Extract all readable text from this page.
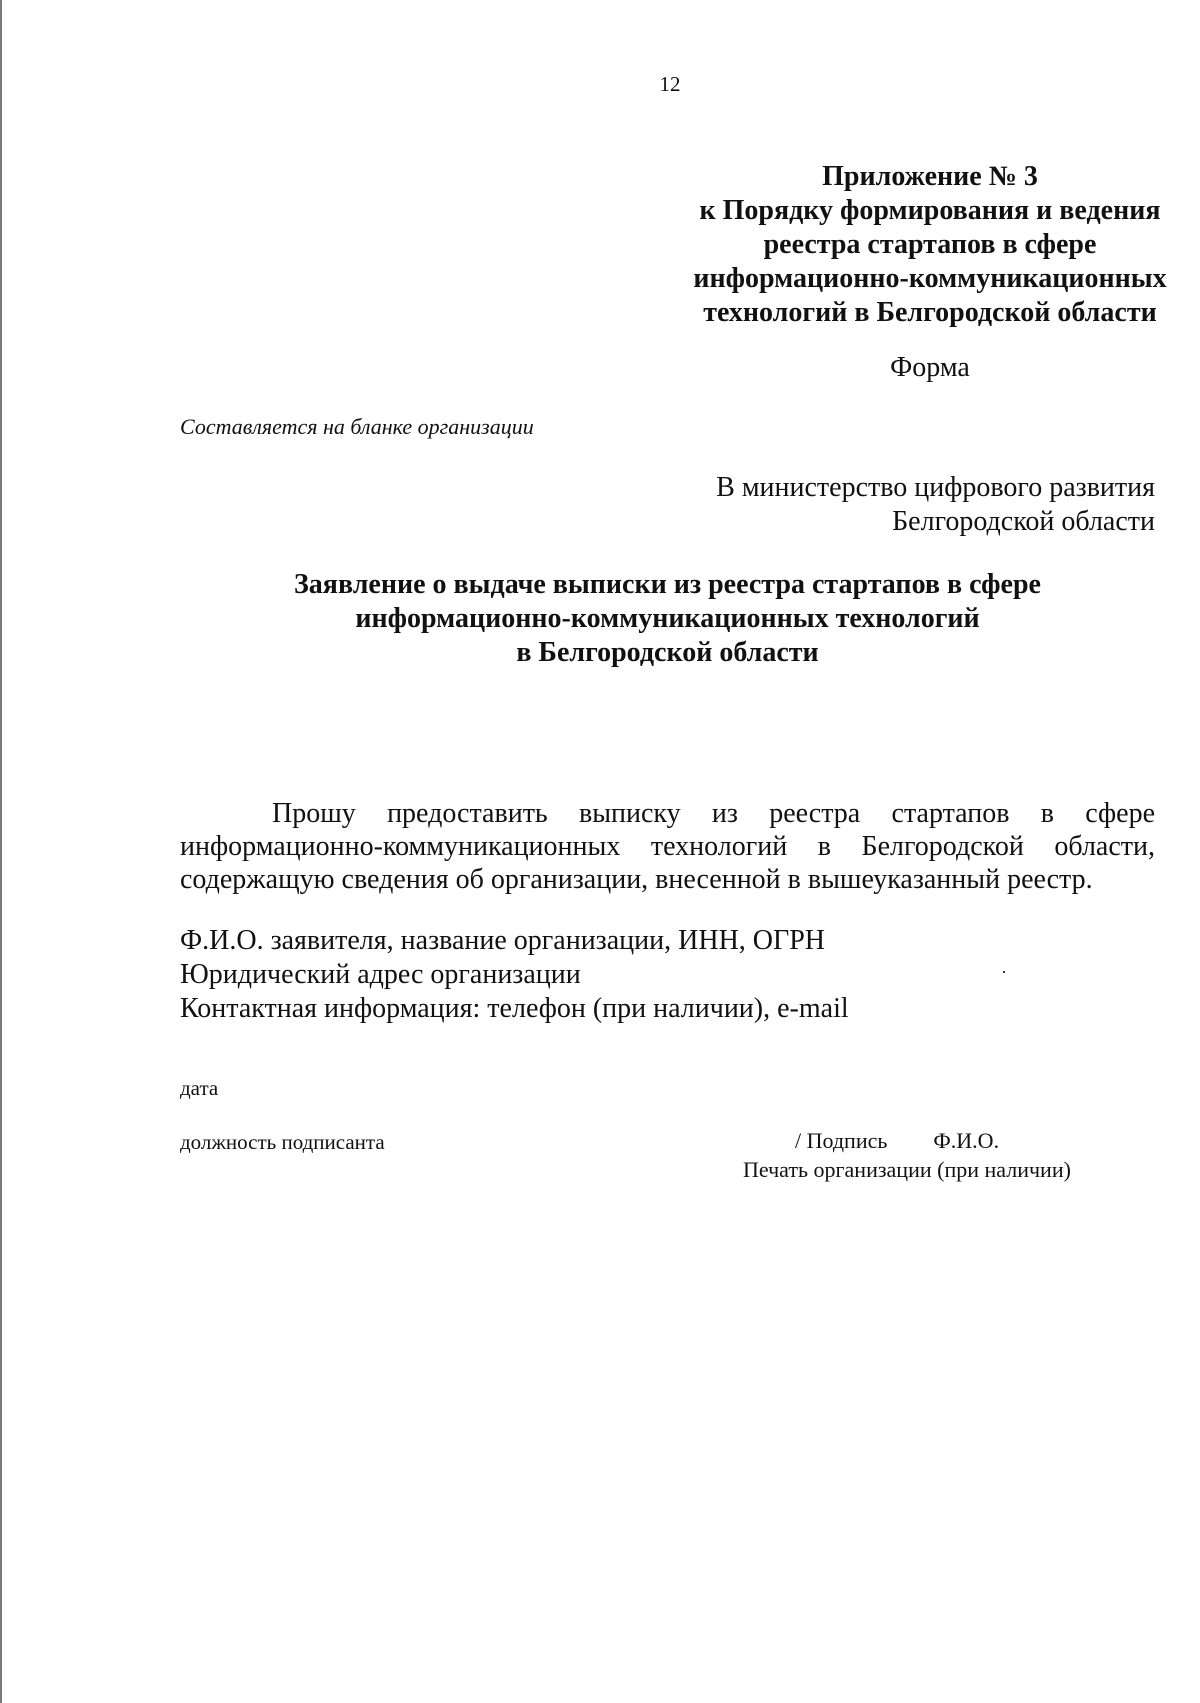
12
Приложение № 3
к Порядку формирования и ведения
реестра стартапов в сфере
информационно-коммуникационных
технологий в Белгородской области
Форма
Составляется на бланке организации
В министерство цифрового развития
Белгородской области
Заявление о выдаче выписки из реестра стартапов в сфере
информационно-коммуникационных технологий
в Белгородской области
Прошу предоставить выписку из реестра стартапов в сфере
информационно-коммуникационных технологий в Белгородской области,
содержащую сведения об организации, внесенной в вышеуказанный реестр.
Ф.И.О. заявителя, название организации, ИНН, ОГРН
Юридический адрес организации
Контактная информация: телефон (при наличии), e-mail
дата
должность подписанта	/ Подпись Ф.И.О.
Печать организации (при наличии)
